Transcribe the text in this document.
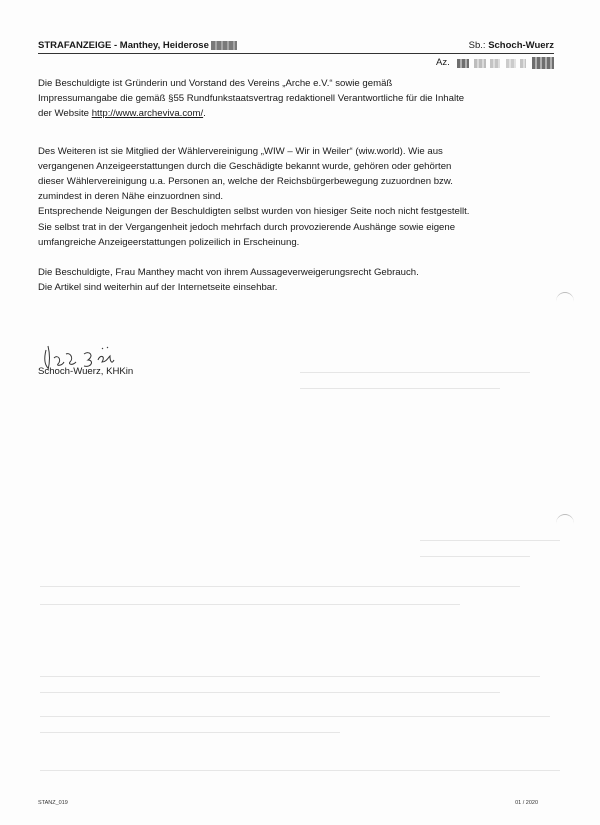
STRAFANZEIGE - Manthey, Heiderose	Sb.: Schoch-Wuerz
Az.

Die Beschuldigte ist Gründerin und Vorstand des Vereins „Arche e.V.“ sowie gemäß
Impressumangabe die gemäß §55 Rundfunkstaatsvertrag redaktionell Verantwortliche für die Inhalte
der Website http://www.archeviva.com/.

Des Weiteren ist sie Mitglied der Wählervereinigung „WIW – Wir in Weiler“ (wiw.world). Wie aus
vergangenen Anzeigeerstattungen durch die Geschädigte bekannt wurde, gehören oder gehörten
dieser Wählervereinigung u.a. Personen an, welche der Reichsbürgerbewegung zuzuordnen bzw.
zumindest in deren Nähe einzuordnen sind.
Entsprechende Neigungen der Beschuldigten selbst wurden von hiesiger Seite noch nicht festgestellt.
Sie selbst trat in der Vergangenheit jedoch mehrfach durch provozierende Aushänge sowie eigene
umfangreiche Anzeigeerstattungen polizeilich in Erscheinung.

Die Beschuldigte, Frau Manthey macht von ihrem Aussageverweigerungsrecht Gebrauch.
Die Artikel sind weiterhin auf der Internetseite einsehbar.

Schoch-Wuerz, KHKin
STANZ_019	01 / 2020
